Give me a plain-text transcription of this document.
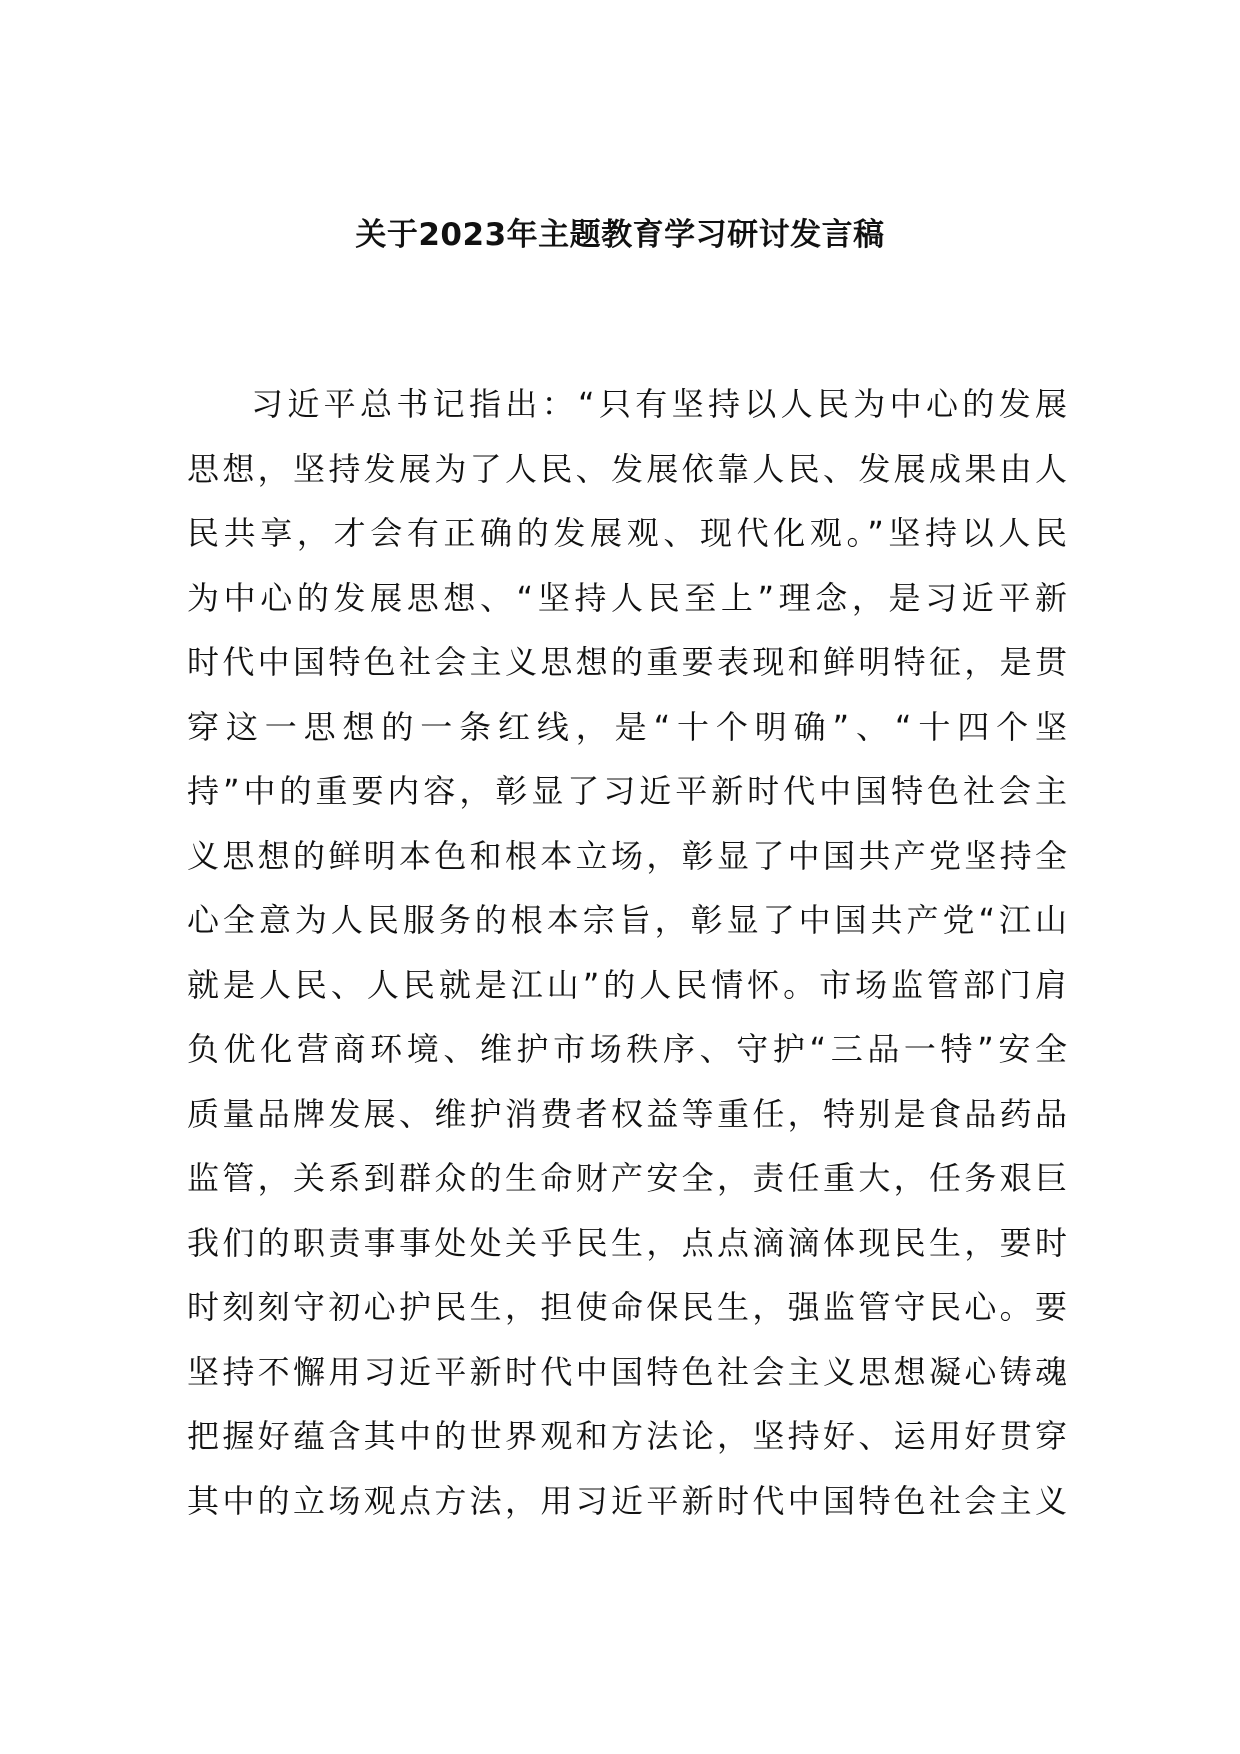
关于2023年主题教育学习研讨发言稿
习近平总书记指出：“只有坚持以人民为中心的发展
思想，坚持发展为了人民、发展依靠人民、发展成果由人
民共享，才会有正确的发展观、现代化观。”坚持以人民
为中心的发展思想、“坚持人民至上”理念，是习近平新
时代中国特色社会主义思想的重要表现和鲜明特征，是贯
穿这一思想的一条红线，是“十个明确”、“十四个坚
持”中的重要内容，彰显了习近平新时代中国特色社会主
义思想的鲜明本色和根本立场，彰显了中国共产党坚持全
心全意为人民服务的根本宗旨，彰显了中国共产党“江山
就是人民、人民就是江山”的人民情怀。市场监管部门肩
负优化营商环境、维护市场秩序、守护“三品一特”安全
质量品牌发展、维护消费者权益等重任，特别是食品药品
监管，关系到群众的生命财产安全，责任重大，任务艰巨
我们的职责事事处处关乎民生，点点滴滴体现民生，要时
时刻刻守初心护民生，担使命保民生，强监管守民心。要
坚持不懈用习近平新时代中国特色社会主义思想凝心铸魂
把握好蕴含其中的世界观和方法论，坚持好、运用好贯穿
其中的立场观点方法，用习近平新时代中国特色社会主义
